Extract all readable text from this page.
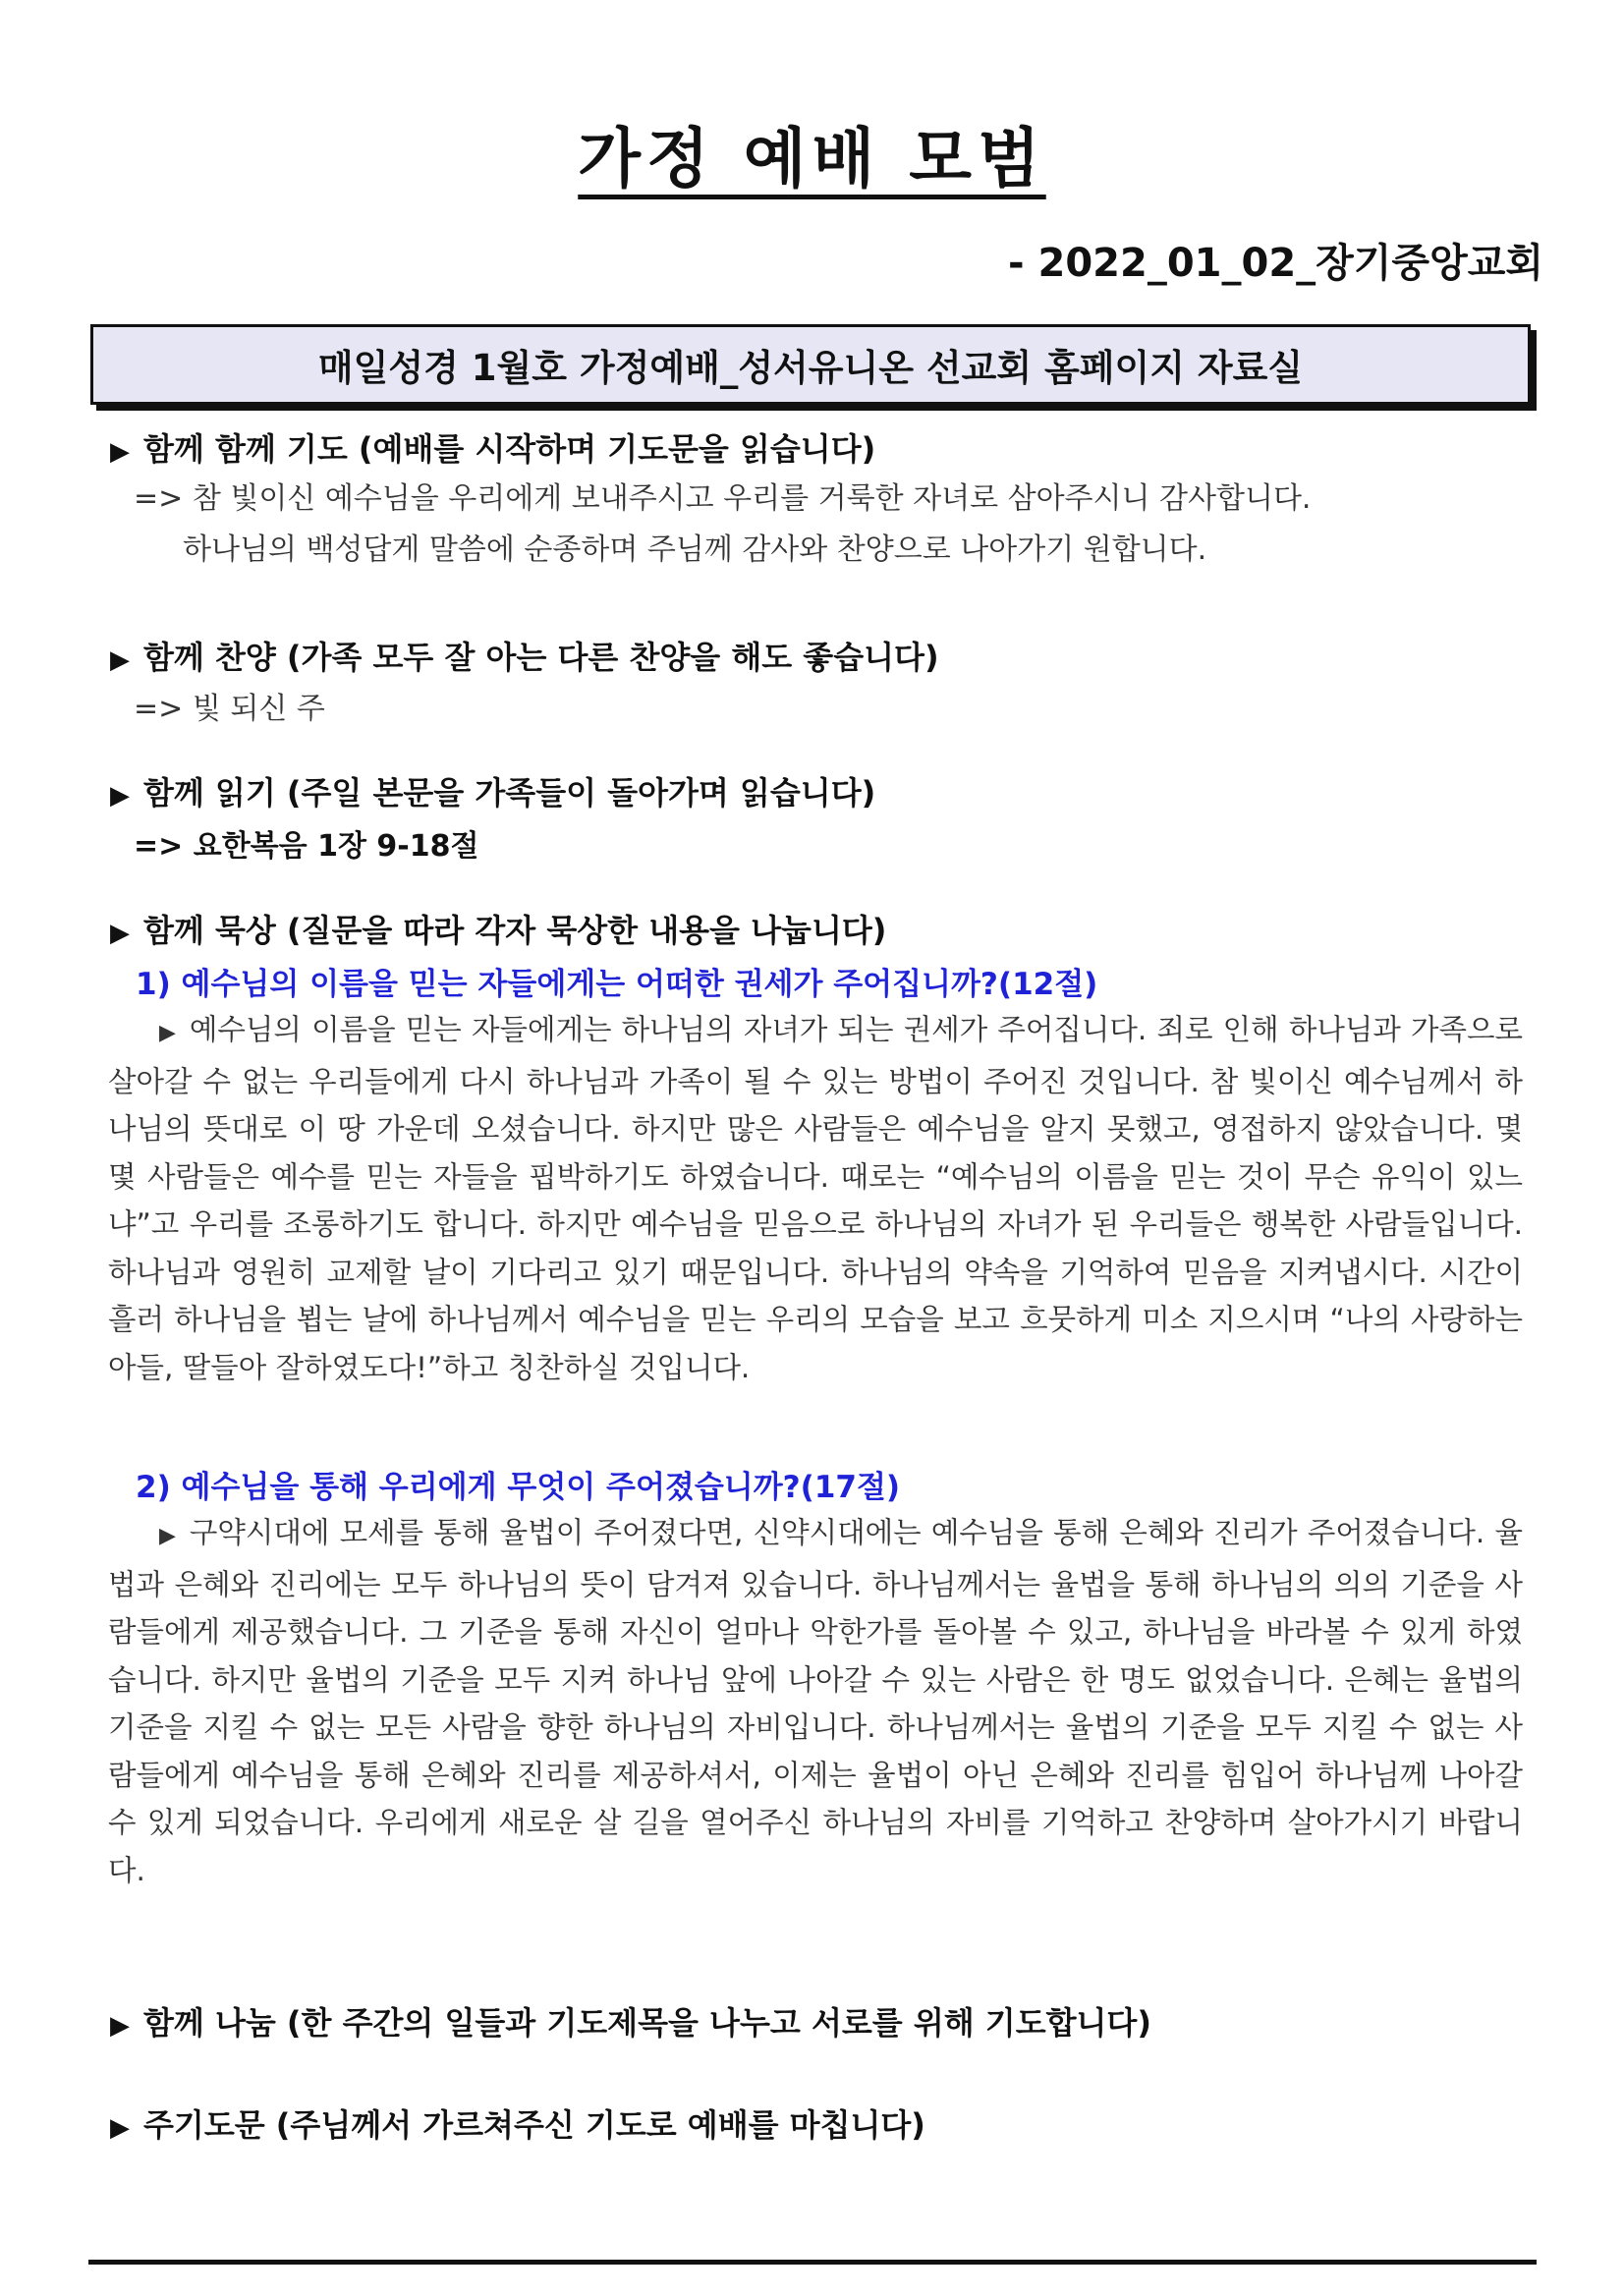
가정 예배 모범
- 2022_01_02_장기중앙교회
매일성경 1월호 가정예배_성서유니온 선교회 홈페이지 자료실
▶ 함께 함께 기도 (예배를 시작하며 기도문을 읽습니다)
=> 참 빛이신 예수님을 우리에게 보내주시고 우리를 거룩한 자녀로 삼아주시니 감사합니다.
하나님의 백성답게 말씀에 순종하며 주님께 감사와 찬양으로 나아가기 원합니다.
▶ 함께 찬양 (가족 모두 잘 아는 다른 찬양을 해도 좋습니다)
=> 빛 되신 주
▶ 함께 읽기 (주일 본문을 가족들이 돌아가며 읽습니다)
=> 요한복음 1장 9-18절
▶ 함께 묵상 (질문을 따라 각자 묵상한 내용을 나눕니다)
1) 예수님의 이름을 믿는 자들에게는 어떠한 권세가 주어집니까?(12절)

▶ 예수님의 이름을 믿는 자들에게는 하나님의 자녀가 되는 권세가 주어집니다. 죄로 인해 하나님과 가족으로 살아갈 수 없는 우리들에게 다시 하나님과 가족이 될 수 있는 방법이 주어진 것입니다. 참 빛이신 예수님께서 하나님의 뜻대로 이 땅 가운데 오셨습니다. 하지만 많은 사람들은 예수님을 알지 못했고, 영접하지 않았습니다. 몇몇 사람들은 예수를 믿는 자들을 핍박하기도 하였습니다. 때로는 “예수님의 이름을 믿는 것이 무슨 유익이 있느냐”고 우리를 조롱하기도 합니다. 하지만 예수님을 믿음으로 하나님의 자녀가 된 우리들은 행복한 사람들입니다. 하나님과 영원히 교제할 날이 기다리고 있기 때문입니다. 하나님의 약속을 기억하여 믿음을 지켜냅시다. 시간이 흘러 하나님을 뵙는 날에 하나님께서 예수님을 믿는 우리의 모습을 보고 흐뭇하게 미소 지으시며 “나의 사랑하는 아들, 딸들아 잘하였도다!”하고 칭찬하실 것입니다.

2) 예수님을 통해 우리에게 무엇이 주어졌습니까?(17절)

▶ 구약시대에 모세를 통해 율법이 주어졌다면, 신약시대에는 예수님을 통해 은혜와 진리가 주어졌습니다. 율법과 은혜와 진리에는 모두 하나님의 뜻이 담겨져 있습니다. 하나님께서는 율법을 통해 하나님의 의의 기준을 사람들에게 제공했습니다. 그 기준을 통해 자신이 얼마나 악한가를 돌아볼 수 있고, 하나님을 바라볼 수 있게 하였습니다. 하지만 율법의 기준을 모두 지켜 하나님 앞에 나아갈 수 있는 사람은 한 명도 없었습니다. 은혜는 율법의 기준을 지킬 수 없는 모든 사람을 향한 하나님의 자비입니다. 하나님께서는 율법의 기준을 모두 지킬 수 없는 사람들에게 예수님을 통해 은혜와 진리를 제공하셔서, 이제는 율법이 아닌 은혜와 진리를 힘입어 하나님께 나아갈 수 있게 되었습니다. 우리에게 새로운 살 길을 열어주신 하나님의 자비를 기억하고 찬양하며 살아가시기 바랍니다.

▶ 함께 나눔 (한 주간의 일들과 기도제목을 나누고 서로를 위해 기도합니다)
▶ 주기도문 (주님께서 가르쳐주신 기도로 예배를 마칩니다)
